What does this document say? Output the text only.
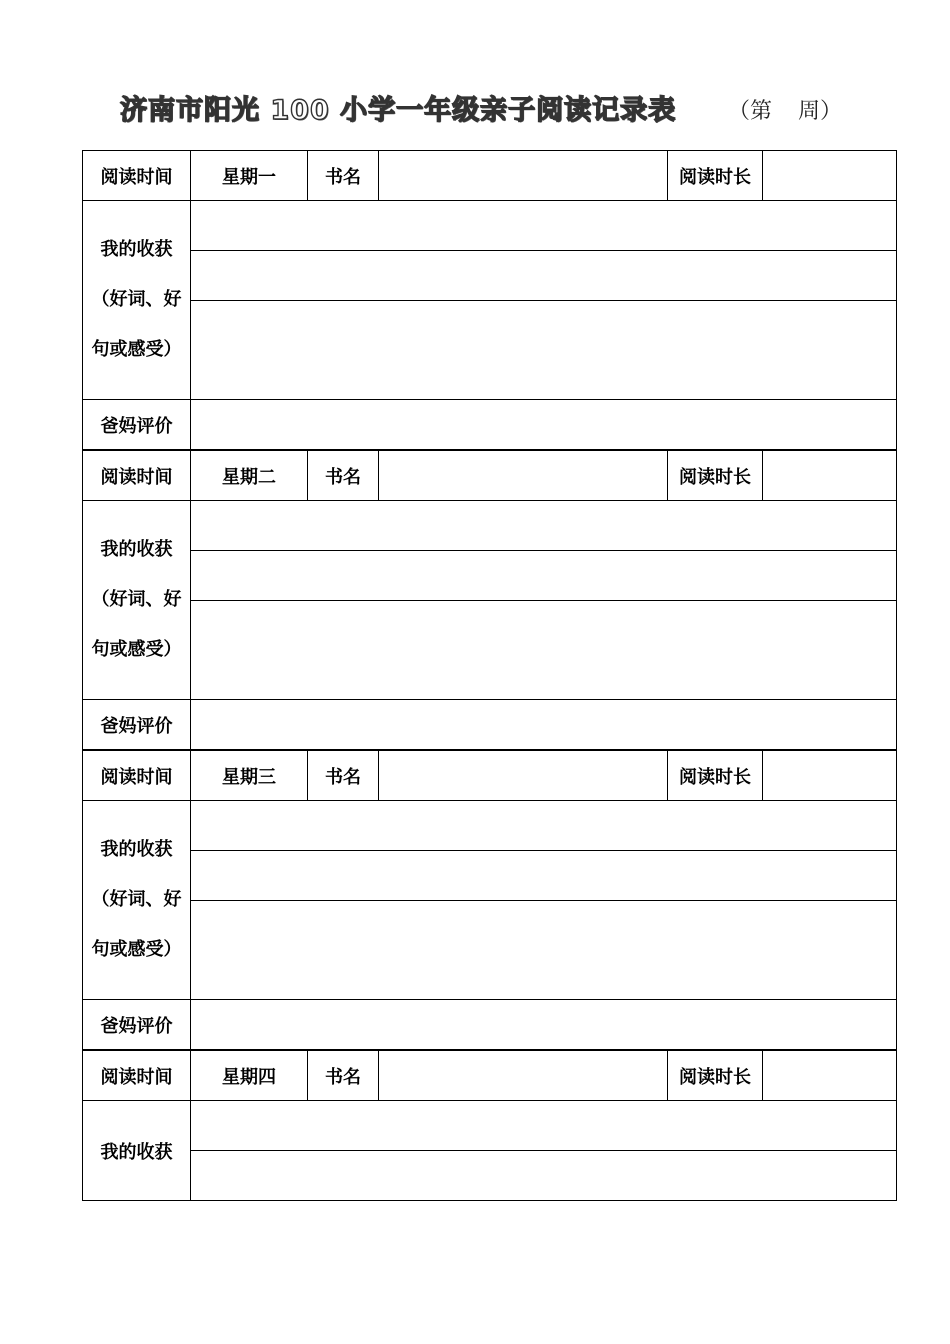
济南市阳光 100 小学一年级亲子阅读记录表 （第 周）
阅读时间	星期一	书名		阅读时长	

我的收获
（好词、好
句或感受）					

爸妈评价					
阅读时间	星期二	书名		阅读时长	

我的收获
（好词、好
句或感受）					

爸妈评价					
阅读时间	星期三	书名		阅读时长	

我的收获
（好词、好
句或感受）					

爸妈评价					
阅读时间	星期四	书名		阅读时长	
我的收获					
